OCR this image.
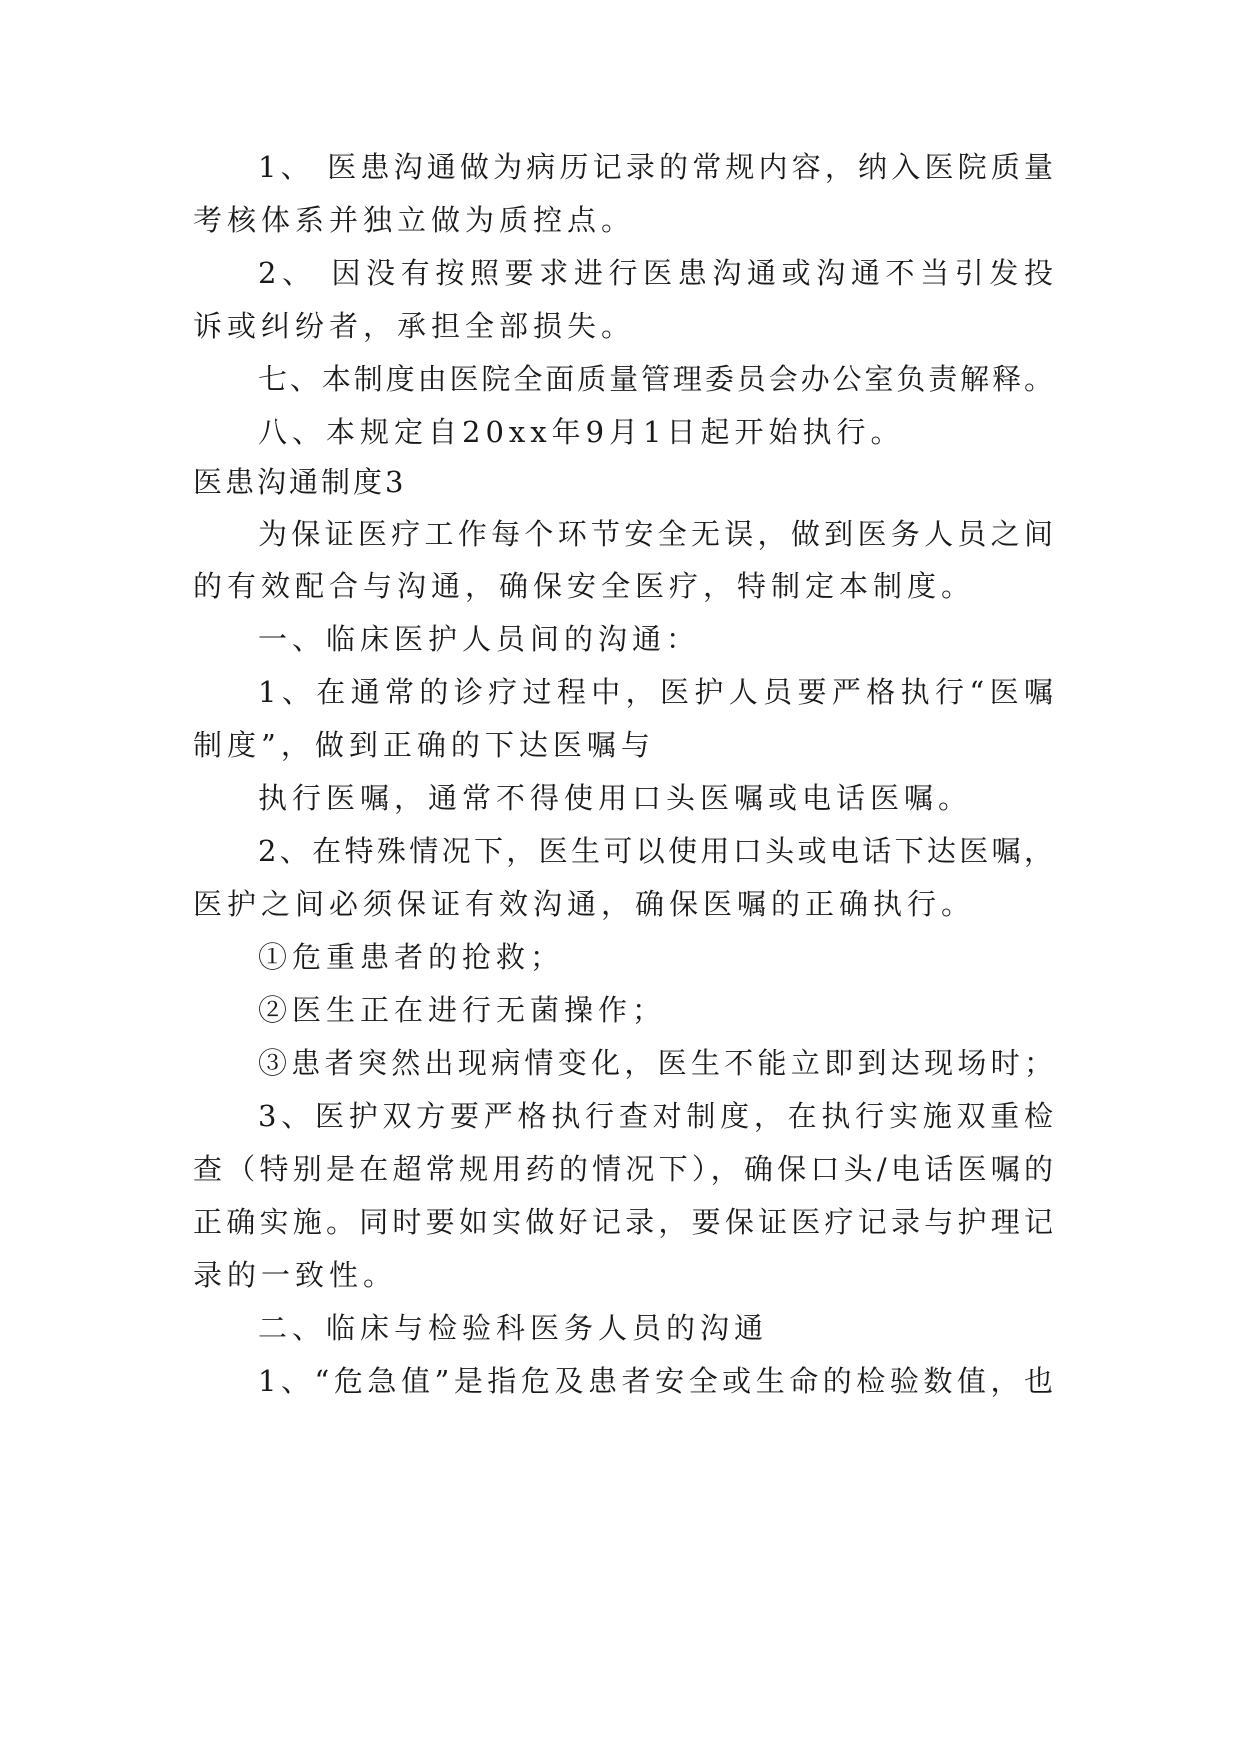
1、 医患沟通做为病历记录的常规内容，纳入医院质量
考核体系并独立做为质控点。
2、 因没有按照要求进行医患沟通或沟通不当引发投
诉或纠纷者，承担全部损失。
七、本制度由医院全面质量管理委员会办公室负责解释。
八、本规定自20xx年9月1日起开始执行。
医患沟通制度3
为保证医疗工作每个环节安全无误，做到医务人员之间
的有效配合与沟通，确保安全医疗，特制定本制度。
一、临床医护人员间的沟通：
1、在通常的诊疗过程中，医护人员要严格执行“医嘱
制度”，做到正确的下达医嘱与
执行医嘱，通常不得使用口头医嘱或电话医嘱。
2、在特殊情况下，医生可以使用口头或电话下达医嘱，
医护之间必须保证有效沟通，确保医嘱的正确执行。
①危重患者的抢救；
②医生正在进行无菌操作；
③患者突然出现病情变化，医生不能立即到达现场时；
3、医护双方要严格执行查对制度，在执行实施双重检
查（特别是在超常规用药的情况下），确保口头/电话医嘱的
正确实施。同时要如实做好记录，要保证医疗记录与护理记
录的一致性。
二、临床与检验科医务人员的沟通
1、“危急值”是指危及患者安全或生命的检验数值，也
